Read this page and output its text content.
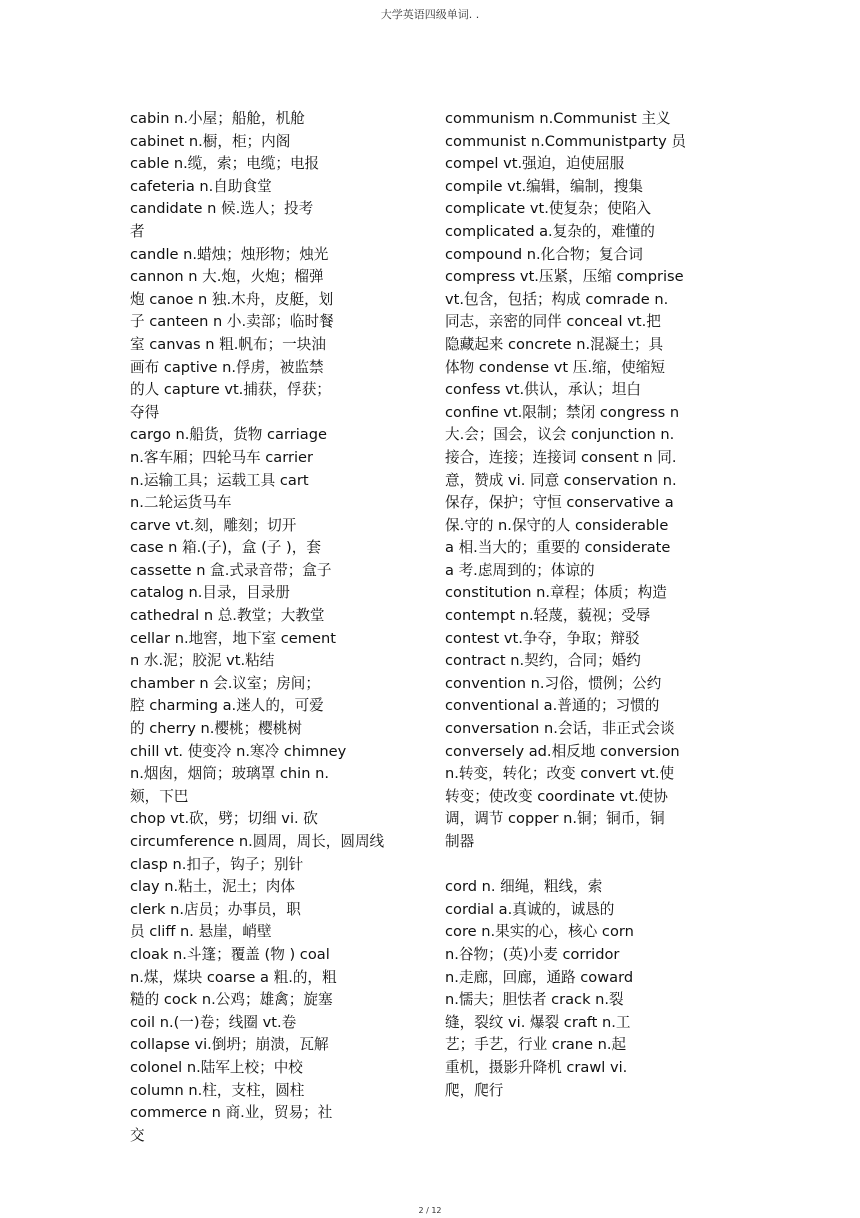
大学英语四级单词. .

cabin n.小屋；船舱，机舱

cabinet n.橱，柜；内阁

cable n.缆，索；电缆；电报

cafeteria n.自助食堂

candidate n 候.选人；投考

者

candle n.蜡烛；烛形物；烛光

cannon n 大.炮，火炮；榴弹

炮 canoe n 独.木舟，皮艇，划

子 canteen n 小.卖部；临时餐

室 canvas n 粗.帆布；一块油

画布 captive n.俘虏，被监禁

的人 capture vt.捕获，俘获；

夺得

cargo n.船货，货物 carriage

n.客车厢；四轮马车 carrier

n.运输工具；运载工具 cart

n.二轮运货马车

carve vt.刻，雕刻；切开

case n 箱.(子)，盒 (子 )，套

cassette n 盒.式录音带；盒子

catalog n.目录，目录册

cathedral n 总.教堂；大教堂

cellar n.地窖，地下室 cement

n 水.泥；胶泥 vt.粘结

chamber n 会.议室；房间；

腔 charming a.迷人的，可爱

的 cherry n.樱桃；樱桃树

chill vt. 使变冷 n.寒冷 chimney

n.烟囱，烟筒；玻璃罩 chin n.

颏，下巴

chop vt.砍，劈；切细 vi. 砍

circumference n.圆周，周长，圆周线

clasp n.扣子，钩子；别针

clay n.粘土，泥土；肉体

clerk n.店员；办事员，职

员 cliff n. 悬崖，峭壁

cloak n.斗篷；覆盖 (物 ) coal

n.煤，煤块 coarse a 粗.的，粗

糙的 cock n.公鸡；雄禽；旋塞

coil n.(一)卷；线圈 vt.卷

collapse vi.倒坍；崩溃，瓦解

colonel n.陆军上校；中校

column n.柱，支柱，圆柱

commerce n 商.业，贸易；社

交

communism n.Communist 主义

communist n.Communistparty 员

compel vt.强迫，迫使屈服

compile vt.编辑，编制，搜集

complicate vt.使复杂；使陷入

complicated a.复杂的，难懂的

compound n.化合物；复合词

compress vt.压紧，压缩 comprise

vt.包含，包括；构成 comrade n.

同志，亲密的同伴 conceal vt.把

隐藏起来 concrete n.混凝土；具

体物 condense vt 压.缩，使缩短

confess vt.供认，承认；坦白

confine vt.限制；禁闭 congress n

大.会；国会，议会 conjunction n.

接合，连接；连接词 consent n 同.

意，赞成 vi. 同意 conservation n.

保存，保护；守恒 conservative a

保.守的 n.保守的人 considerable

a 相.当大的；重要的 considerate

a 考.虑周到的；体谅的

constitution n.章程；体质；构造

contempt n.轻蔑，藐视；受辱

contest vt.争夺，争取；辩驳

contract n.契约，合同；婚约

convention n.习俗，惯例；公约

conventional a.普通的；习惯的

conversation n.会话，非正式会谈

conversely ad.相反地 conversion

n.转变，转化；改变 convert vt.使

转变；使改变 coordinate vt.使协

调，调节 copper n.铜；铜币，铜

制器

cord n. 细绳，粗线，索

cordial a.真诚的，诚恳的

core n.果实的心，核心 corn

n.谷物；(英)小麦 corridor

n.走廊，回廊，通路 coward

n.懦夫；胆怯者 crack n.裂

缝，裂纹 vi. 爆裂 craft n.工

艺；手艺，行业 crane n.起

重机，摄影升降机 crawl vi.

爬，爬行

2 / 12
